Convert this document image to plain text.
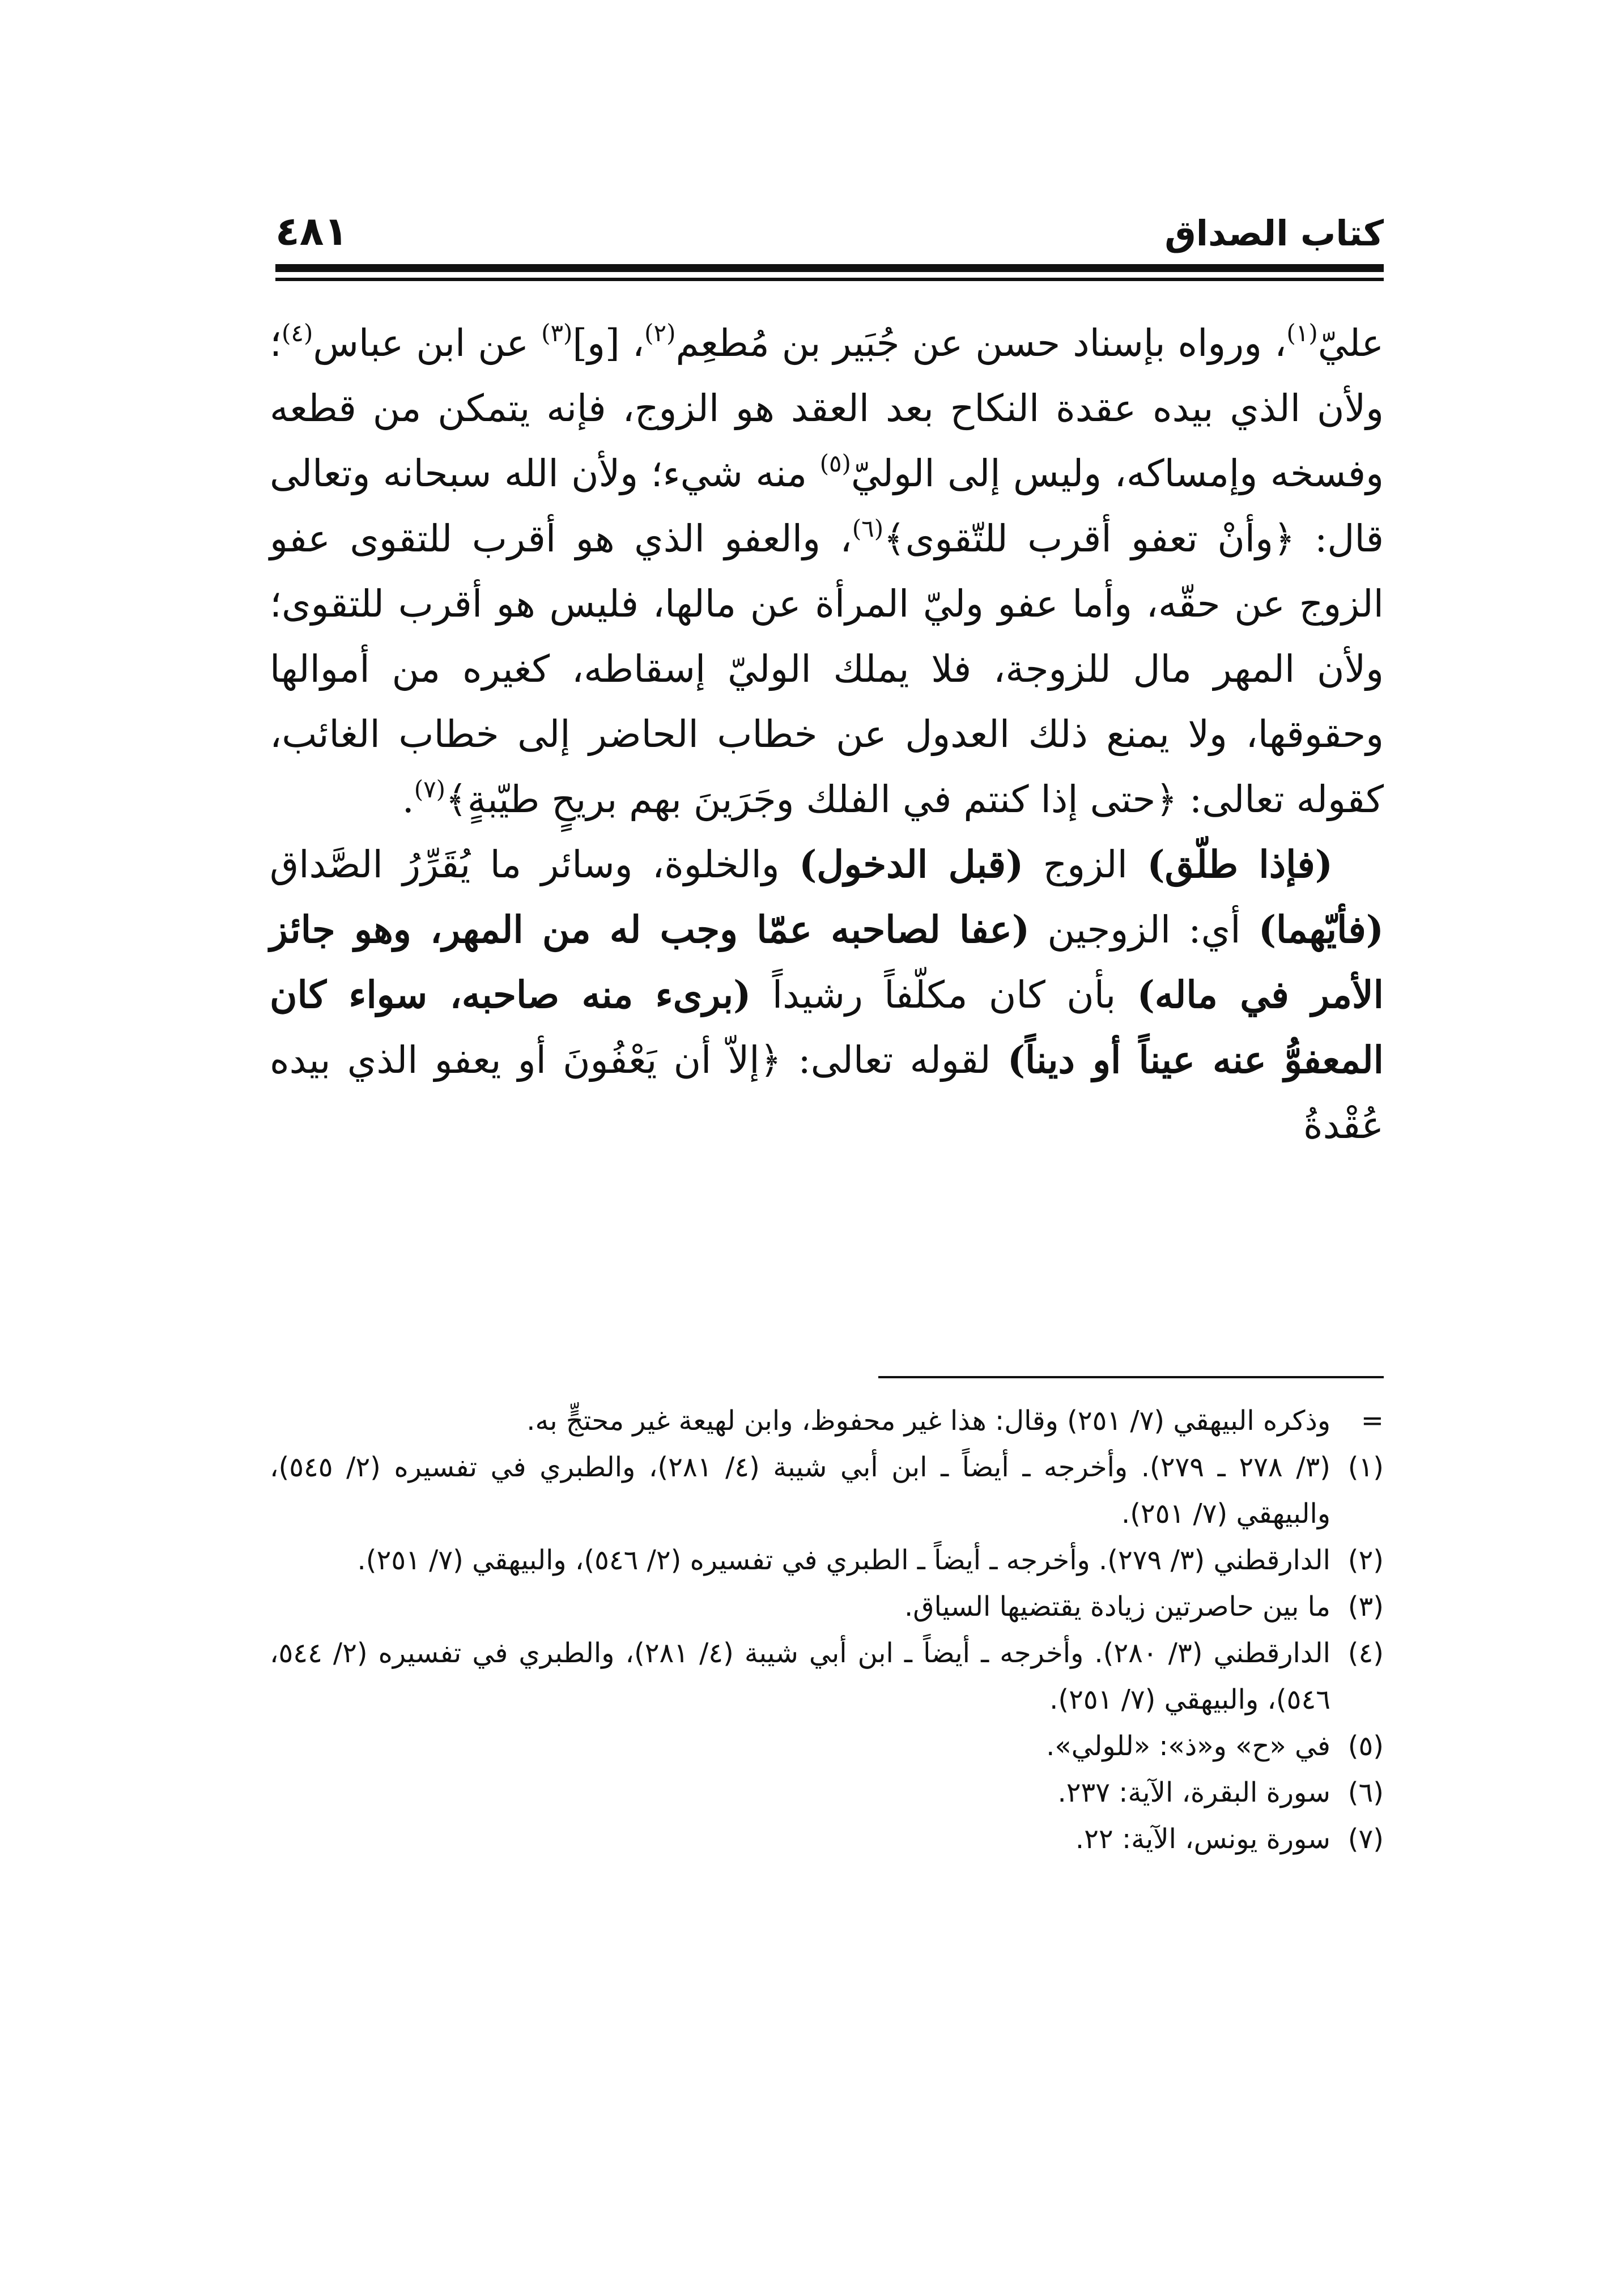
كتاب الصداق
٤٨١

عليّ$^{(١)}$، ورواه بإسناد حسن عن جُبَير بن مُطعِم$^{(٢)}$، [و]$^{(٣)}$ عن ابن عباس$^{(٤)}$؛ ولأن الذي بيده عقدة النكاح بعد العقد هو الزوج، فإنه يتمكن من قطعه وفسخه وإمساكه، وليس إلى الوليّ$^{(٥)}$ منه شيء؛ ولأن الله سبحانه وتعالى قال: ﴿وأنْ تعفو أقرب للتّقوى﴾$^{(٦)}$، والعفو الذي هو أقرب للتقوى عفو الزوج عن حقّه، وأما عفو وليّ المرأة عن مالها، فليس هو أقرب للتقوى؛ ولأن المهر مال للزوجة، فلا يملك الوليّ إسقاطه، كغيره من أموالها وحقوقها، ولا يمنع ذلك العدول عن خطاب الحاضر إلى خطاب الغائب، كقوله تعالى: ﴿حتى إذا كنتم في الفلك وجَرَينَ بهم بريحٍ طيّبةٍ﴾$^{(٧)}$.

(فإذا طلّق) الزوج (قبل الدخول) والخلوة، وسائر ما يُقَرِّرُ الصَّداق (فأيّهما) أي: الزوجين (عفا لصاحبه عمّا وجب له من المهر، وهو جائز الأمر في ماله) بأن كان مكلّفاً رشيداً (برىء منه صاحبه، سواء كان المعفوُّ عنه عيناً أو ديناً) لقوله تعالى: ﴿إلاّ أن يَعْفُونَ أو يعفو الذي بيده عُقْدةُ

=
وذكره البيهقي (٧/ ٢٥١) وقال: هذا غير محفوظ، وابن لهيعة غير محتجٍّ به.
(١)
(٣/ ٢٧٨ ـ ٢٧٩). وأخرجه ـ أيضاً ـ ابن أبي شيبة (٤/ ٢٨١)، والطبري في تفسيره (٢/ ٥٤٥)، والبيهقي (٧/ ٢٥١).
(٢)
الدارقطني (٣/ ٢٧٩). وأخرجه ـ أيضاً ـ الطبري في تفسيره (٢/ ٥٤٦)، والبيهقي (٧/ ٢٥١).
(٣)
ما بين حاصرتين زيادة يقتضيها السياق.
(٤)
الدارقطني (٣/ ٢٨٠). وأخرجه ـ أيضاً ـ ابن أبي شيبة (٤/ ٢٨١)، والطبري في تفسيره (٢/ ٥٤٤، ٥٤٦)، والبيهقي (٧/ ٢٥١).
(٥)
في «ح» و«ذ»: «للولي».
(٦)
سورة البقرة، الآية: ٢٣٧.
(٧)
سورة يونس، الآية: ٢٢.
